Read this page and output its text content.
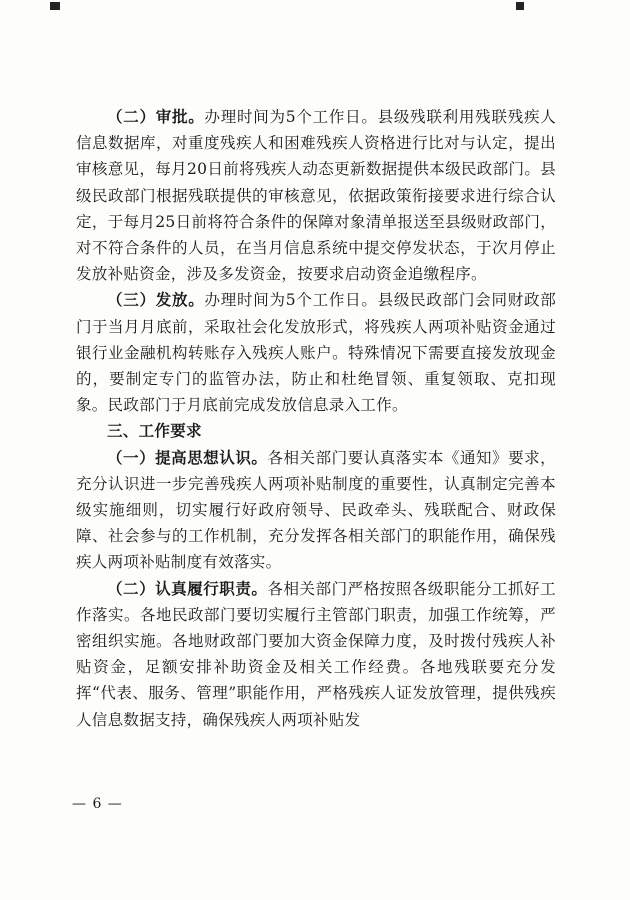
（二）审批。办理时间为5个工作日。县级残联利用残联残疾人信息数据库，对重度残疾人和困难残疾人资格进行比对与认定，提出审核意见，每月20日前将残疾人动态更新数据提供本级民政部门。县级民政部门根据残联提供的审核意见，依据政策衔接要求进行综合认定，于每月25日前将符合条件的保障对象清单报送至县级财政部门，对不符合条件的人员，在当月信息系统中提交停发状态，于次月停止发放补贴资金，涉及多发资金，按要求启动资金追缴程序。

（三）发放。办理时间为5个工作日。县级民政部门会同财政部门于当月月底前，采取社会化发放形式，将残疾人两项补贴资金通过银行业金融机构转账存入残疾人账户。特殊情况下需要直接发放现金的，要制定专门的监管办法，防止和杜绝冒领、重复领取、克扣现象。民政部门于月底前完成发放信息录入工作。

三、工作要求

（一）提高思想认识。各相关部门要认真落实本《通知》要求，充分认识进一步完善残疾人两项补贴制度的重要性，认真制定完善本级实施细则，切实履行好政府领导、民政牵头、残联配合、财政保障、社会参与的工作机制，充分发挥各相关部门的职能作用，确保残疾人两项补贴制度有效落实。

（二）认真履行职责。各相关部门严格按照各级职能分工抓好工作落实。各地民政部门要切实履行主管部门职责，加强工作统筹，严密组织实施。各地财政部门要加大资金保障力度，及时拨付残疾人补贴资金，足额安排补助资金及相关工作经费。各地残联要充分发挥“代表、服务、管理”职能作用，严格残疾人证发放管理，提供残疾人信息数据支持，确保残疾人两项补贴发

— 6 —
